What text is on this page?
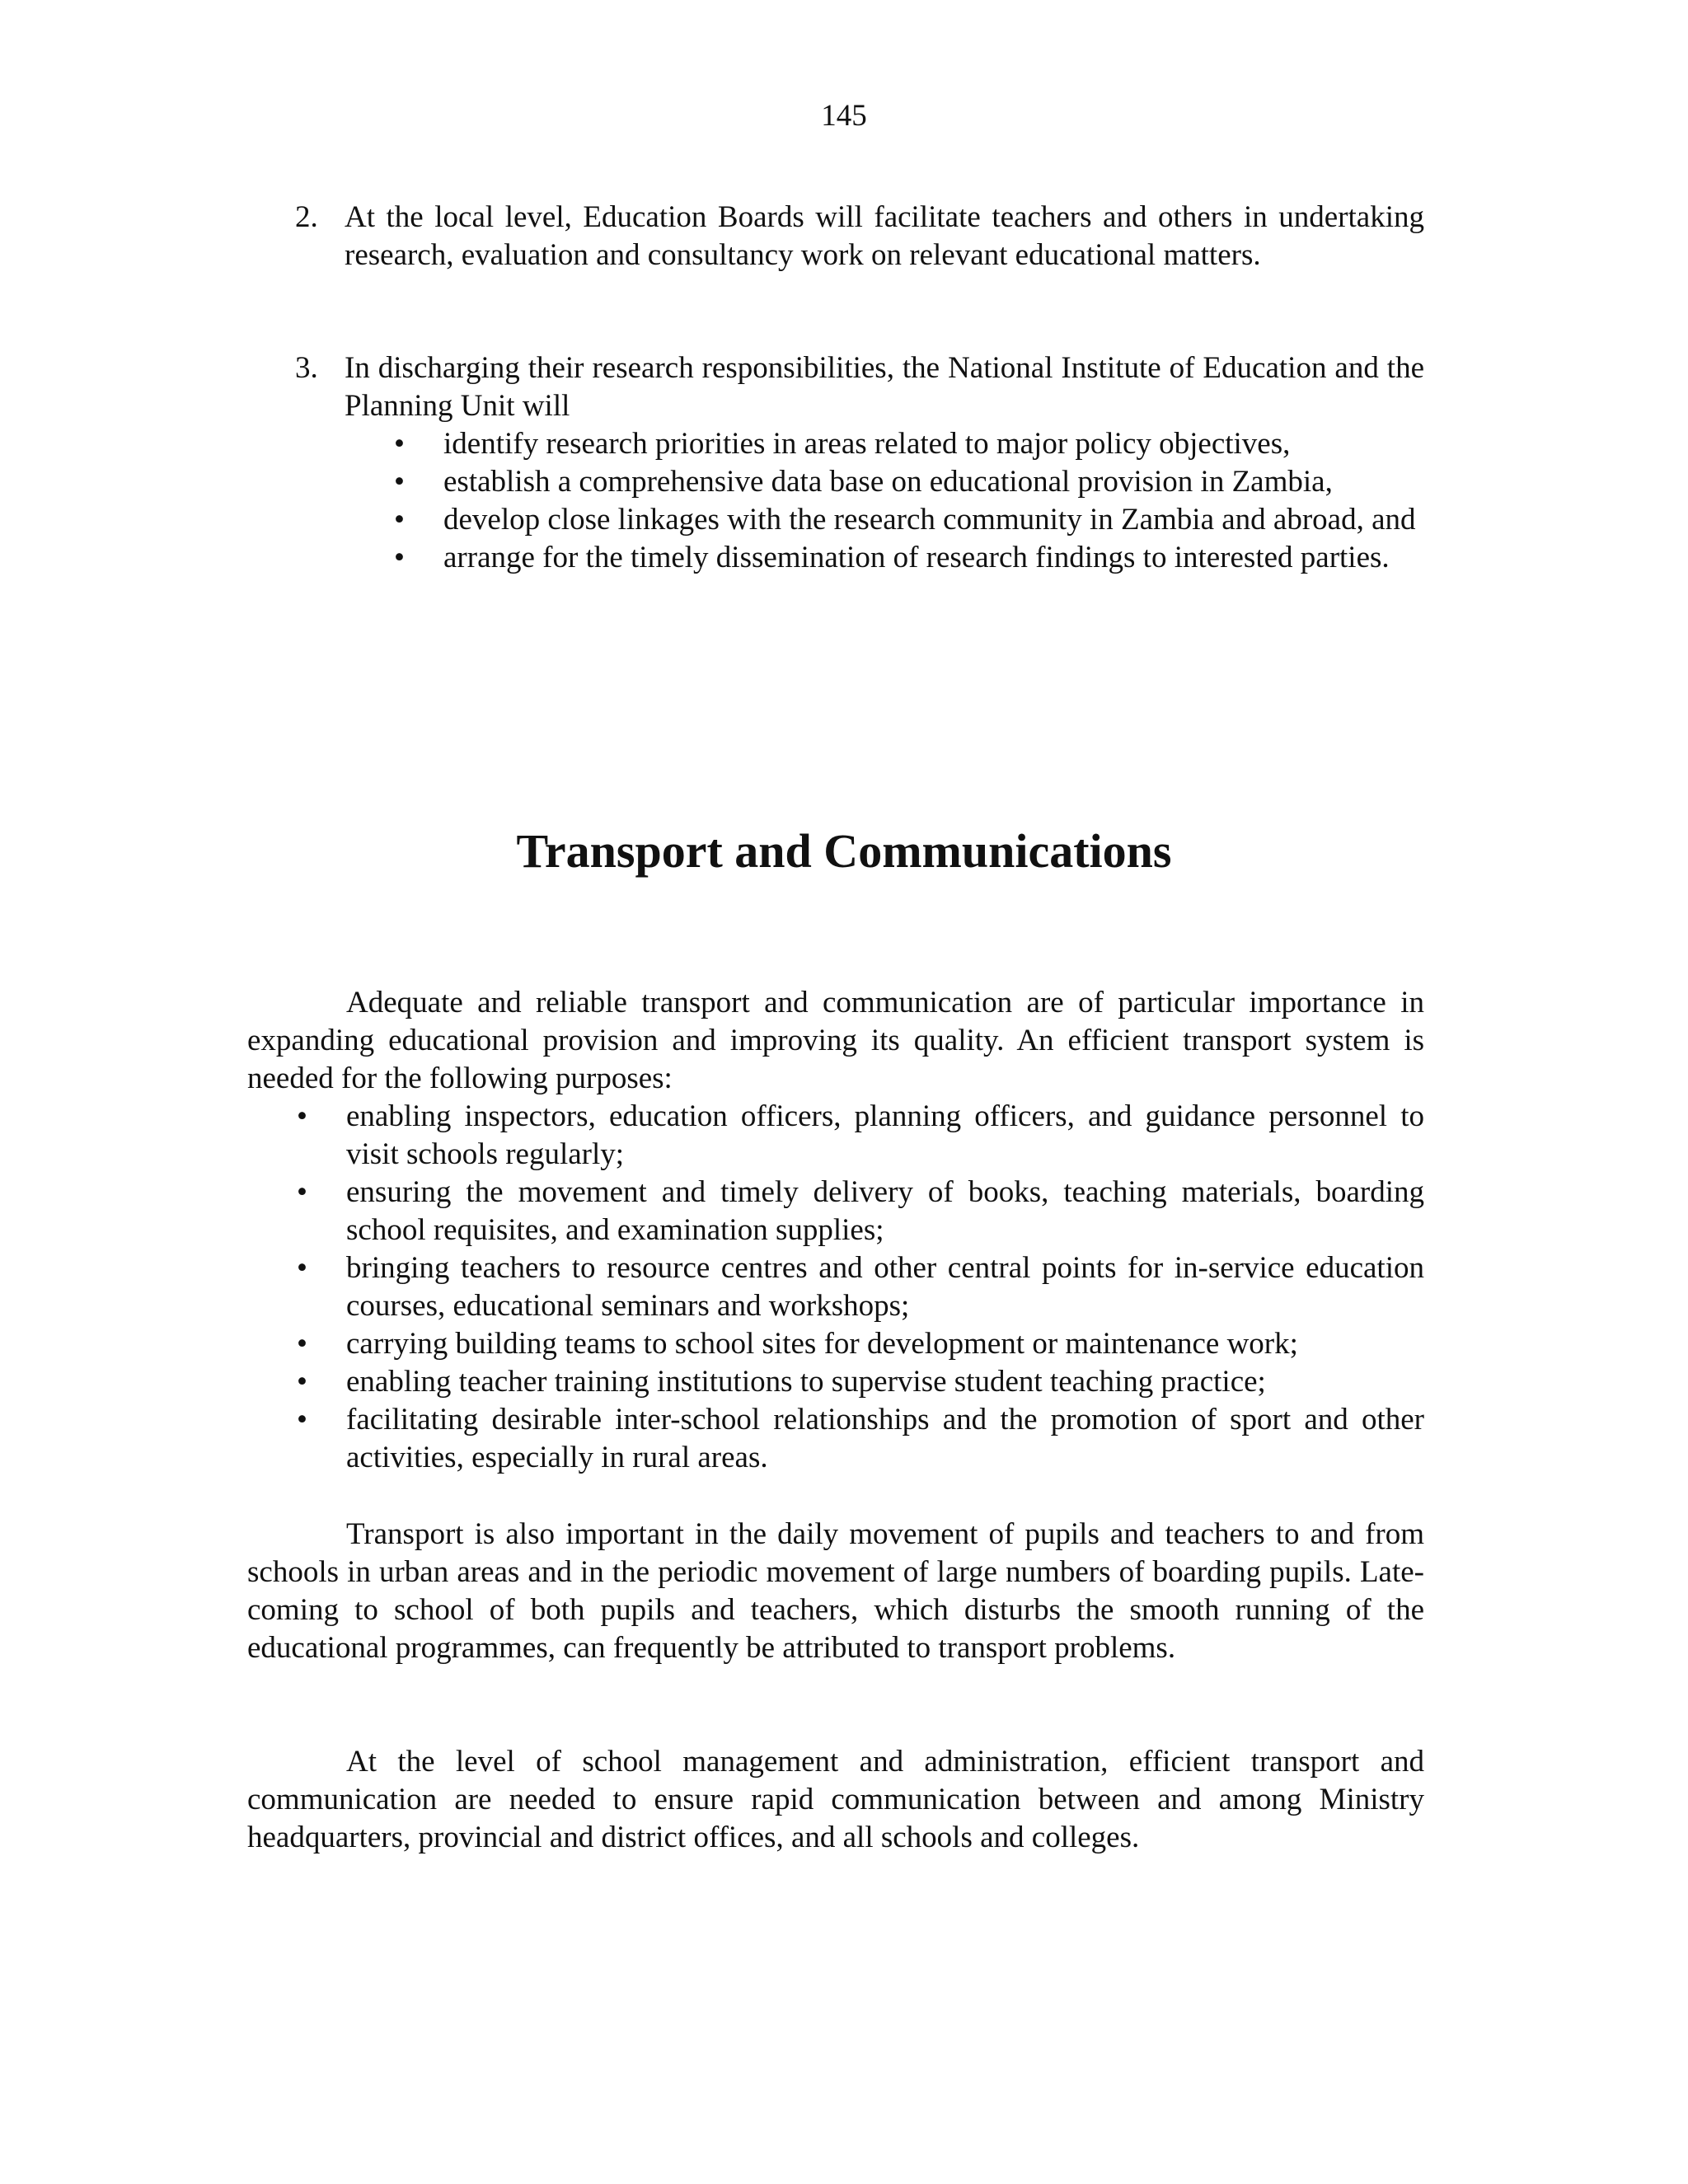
145
2. At the local level, Education Boards will facilitate teachers and others in undertaking research, evaluation and consultancy work on relevant educational matters.
3. In discharging their research responsibilities, the National Institute of Education and the Planning Unit will
• identify research priorities in areas related to major policy objectives,
• establish a comprehensive data base on educational provision in Zambia,
• develop close linkages with the research community in Zambia and abroad, and
• arrange for the timely dissemination of research findings to interested parties.
Transport and Communications

Adequate and reliable transport and communication are of particular importance in expanding educational provision and improving its quality. An efficient transport system is needed for the following purposes:

• enabling inspectors, education officers, planning officers, and guidance personnel to visit schools regularly;
• ensuring the movement and timely delivery of books, teaching materials, boarding school requisites, and examination supplies;
• bringing teachers to resource centres and other central points for in-service education courses, educational seminars and workshops;
• carrying building teams to school sites for development or maintenance work;
• enabling teacher training institutions to supervise student teaching practice;
• facilitating desirable inter-school relationships and the promotion of sport and other activities, especially in rural areas.

Transport is also important in the daily movement of pupils and teachers to and from schools in urban areas and in the periodic movement of large numbers of boarding pupils. Late-coming to school of both pupils and teachers, which disturbs the smooth running of the educational programmes, can frequently be attributed to transport problems.

At the level of school management and administration, efficient transport and communication are needed to ensure rapid communication between and among Ministry headquarters, provincial and district offices, and all schools and colleges.
